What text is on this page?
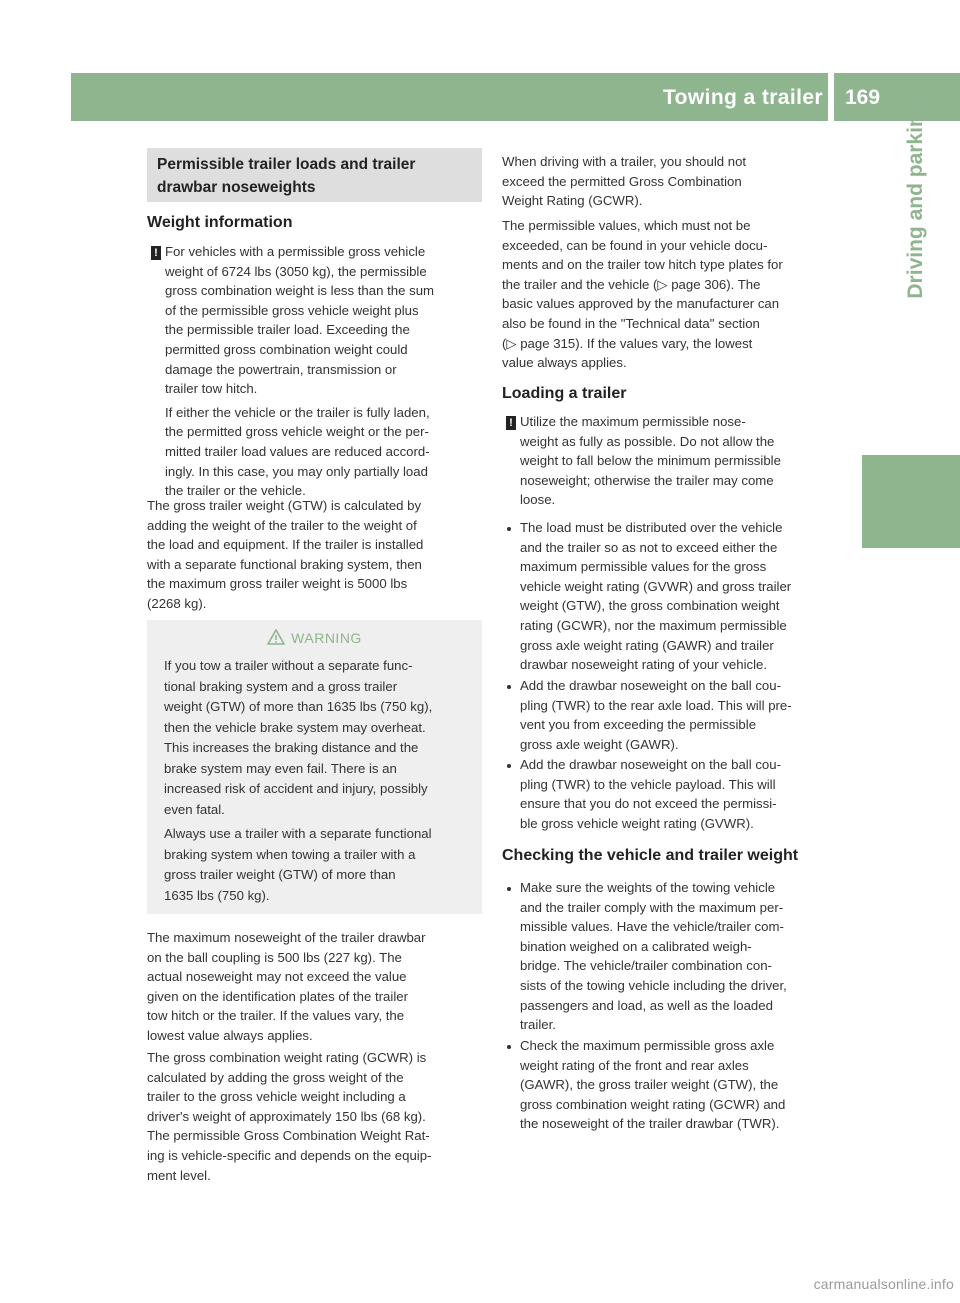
Towing a trailer 169
Driving and parking
Permissible trailer loads and trailer drawbar noseweights
Weight information
! For vehicles with a permissible gross vehicle
weight of 6724 lbs (3050 kg), the permissible
gross combination weight is less than the sum
of the permissible gross vehicle weight plus
the permissible trailer load. Exceeding the
permitted gross combination weight could
damage the powertrain, transmission or
trailer tow hitch.
If either the vehicle or the trailer is fully laden,
the permitted gross vehicle weight or the per-
mitted trailer load values are reduced accord-
ingly. In this case, you may only partially load
the trailer or the vehicle.
The gross trailer weight (GTW) is calculated by
adding the weight of the trailer to the weight of
the load and equipment. If the trailer is installed
with a separate functional braking system, then
the maximum gross trailer weight is 5000 lbs
(2268 kg).
WARNING
If you tow a trailer without a separate func-
tional braking system and a gross trailer
weight (GTW) of more than 1635 lbs (750 kg),
then the vehicle brake system may overheat.
This increases the braking distance and the
brake system may even fail. There is an
increased risk of accident and injury, possibly
even fatal.
Always use a trailer with a separate functional
braking system when towing a trailer with a
gross trailer weight (GTW) of more than
1635 lbs (750 kg).
The maximum noseweight of the trailer drawbar
on the ball coupling is 500 lbs (227 kg). The
actual noseweight may not exceed the value
given on the identification plates of the trailer
tow hitch or the trailer. If the values vary, the
lowest value always applies.
The gross combination weight rating (GCWR) is
calculated by adding the gross weight of the
trailer to the gross vehicle weight including a
driver's weight of approximately 150 lbs (68 kg).
The permissible Gross Combination Weight Rat-
ing is vehicle-specific and depends on the equip-
ment level.
When driving with a trailer, you should not
exceed the permitted Gross Combination
Weight Rating (GCWR).
The permissible values, which must not be
exceeded, can be found in your vehicle docu-
ments and on the trailer tow hitch type plates for
the trailer and the vehicle (▷ page 306). The
basic values approved by the manufacturer can
also be found in the "Technical data" section
(▷ page 315). If the values vary, the lowest
value always applies.
Loading a trailer
! Utilize the maximum permissible nose-
weight as fully as possible. Do not allow the
weight to fall below the minimum permissible
noseweight; otherwise the trailer may come
loose.
The load must be distributed over the vehicle
and the trailer so as not to exceed either the
maximum permissible values for the gross
vehicle weight rating (GVWR) and gross trailer
weight (GTW), the gross combination weight
rating (GCWR), nor the maximum permissible
gross axle weight rating (GAWR) and trailer
drawbar noseweight rating of your vehicle.
Add the drawbar noseweight on the ball cou-
pling (TWR) to the rear axle load. This will pre-
vent you from exceeding the permissible
gross axle weight (GAWR).
Add the drawbar noseweight on the ball cou-
pling (TWR) to the vehicle payload. This will
ensure that you do not exceed the permissi-
ble gross vehicle weight rating (GVWR).
Checking the vehicle and trailer weight
Make sure the weights of the towing vehicle
and the trailer comply with the maximum per-
missible values. Have the vehicle/trailer com-
bination weighed on a calibrated weigh-
bridge. The vehicle/trailer combination con-
sists of the towing vehicle including the driver,
passengers and load, as well as the loaded
trailer.
Check the maximum permissible gross axle
weight rating of the front and rear axles
(GAWR), the gross trailer weight (GTW), the
gross combination weight rating (GCWR) and
the noseweight of the trailer drawbar (TWR).
carmanualsonline.info
